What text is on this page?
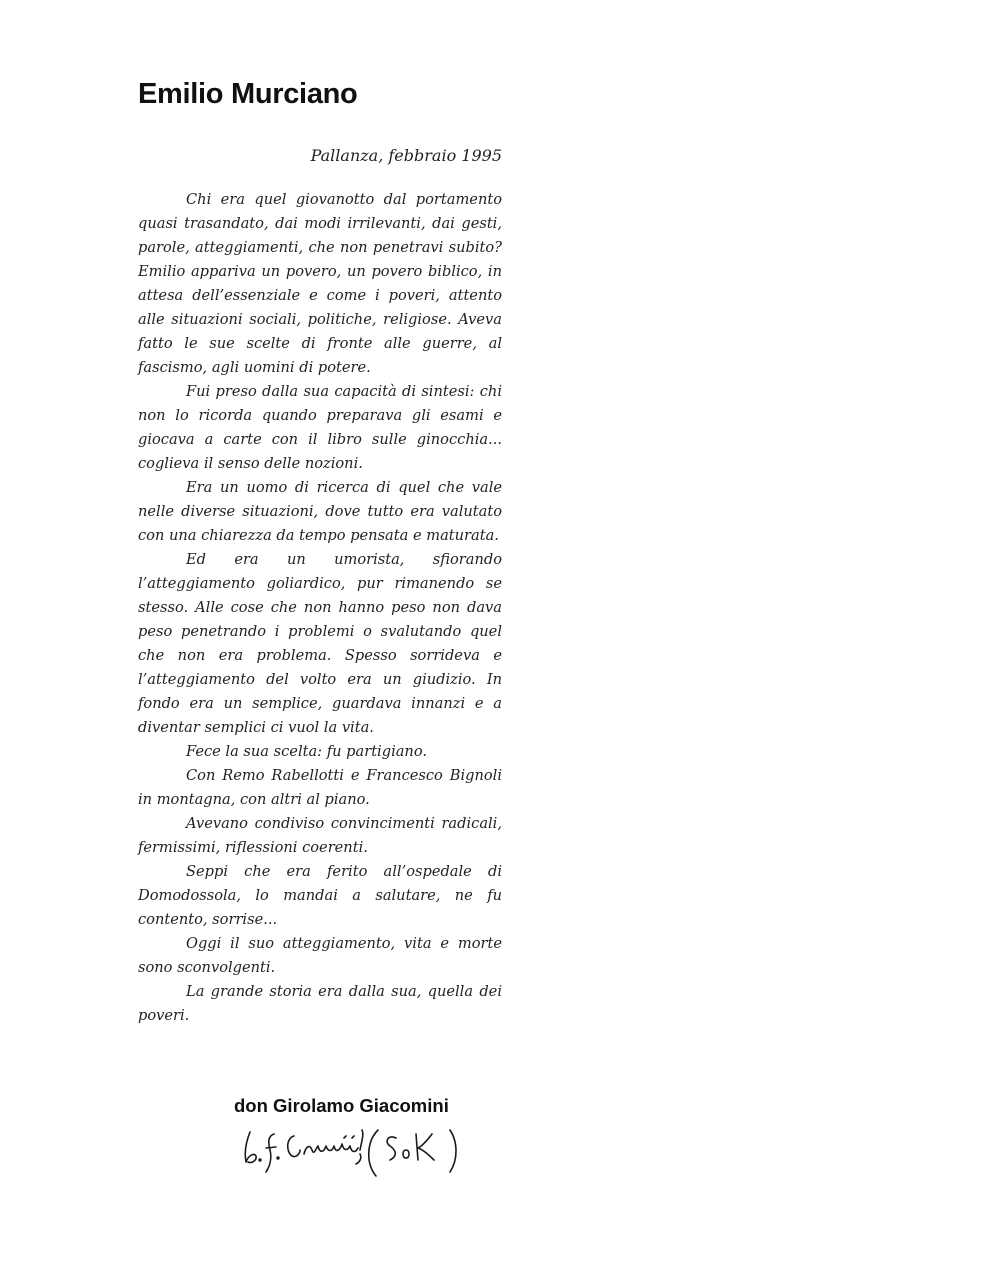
Emilio Murciano
Pallanza, febbraio 1995

Chi era quel giovanotto dal portamento quasi trasandato, dai modi irrilevanti, dai gesti, parole, atteggiamenti, che non penetravi subito? Emilio appariva un povero, un povero biblico, in attesa dell’essenziale e come i poveri, attento alle situazioni sociali, politiche, religiose. Aveva fatto le sue scelte di fronte alle guerre, al fascismo, agli uomini di potere.

Fui preso dalla sua capacità di sintesi: chi non lo ricorda quando preparava gli esami e giocava a carte con il libro sulle ginocchia... coglieva il senso delle nozioni.

Era un uomo di ricerca di quel che vale nelle diverse situazioni, dove tutto era valutato con una chiarezza da tempo pensata e maturata.

Ed era un umorista, sfiorando l’atteggiamento goliardico, pur rimanendo se stesso. Alle cose che non hanno peso non dava peso penetrando i problemi o svalutando quel che non era problema. Spesso sorrideva e l’atteggiamento del volto era un giudizio. In fondo era un semplice, guardava innanzi e a diventar semplici ci vuol la vita.

Fece la sua scelta: fu partigiano.

Con Remo Rabellotti e Francesco Bignoli in montagna, con altri al piano.

Avevano condiviso convincimenti radicali, fermissimi, riflessioni coerenti.

Seppi che era ferito all’ospedale di Domodossola, lo mandai a salutare, ne fu contento, sorrise...

Oggi il suo atteggiamento, vita e morte sono sconvolgenti.

La grande storia era dalla sua, quella dei poveri.

don Girolamo Giacomini
